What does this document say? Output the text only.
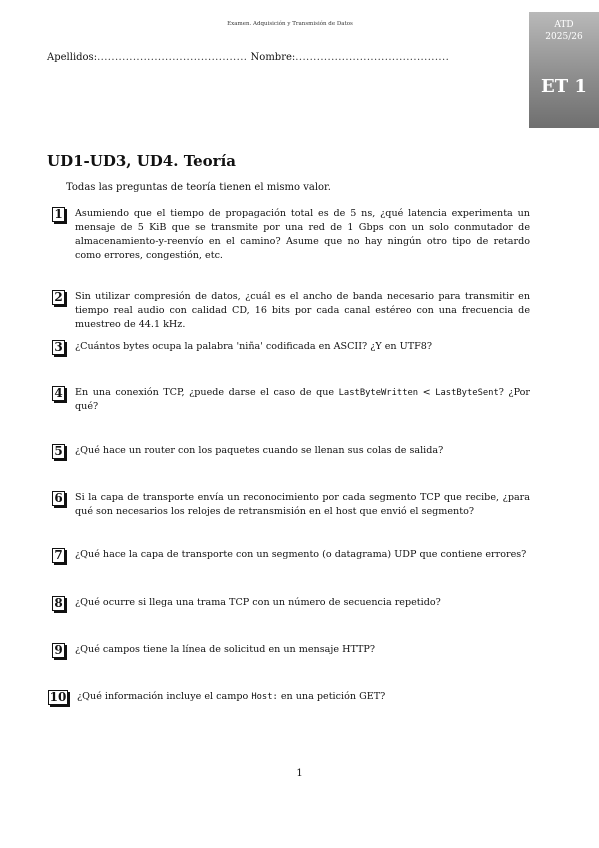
Examen. Adquisición y Transmisión de Datos	ATD
2025/26
ET 1
Apellidos: .......................................... Nombre: ...........................................
UD1-UD3, UD4. Teoría
Todas las preguntas de teoría tienen el mismo valor.
1 Asumiendo que el tiempo de propagación total es de 5 ns, ¿qué latencia experimenta un mensaje de 5 KiB que se transmite por una red de 1 Gbps con un solo conmutador de almacenamiento-y-reenvío en el camino? Asume que no hay ningún otro tipo de retardo como errores, congestión, etc.
2 Sin utilizar compresión de datos, ¿cuál es el ancho de banda necesario para transmitir en tiempo real audio con calidad CD, 16 bits por cada canal estéreo con una frecuencia de muestreo de 44.1 kHz.
3 ¿Cuántos bytes ocupa la palabra 'niña' codificada en ASCII? ¿Y en UTF8?
4 En una conexión TCP, ¿puede darse el caso de que LastByteWritten < LastByteSent? ¿Por qué?
5 ¿Qué hace un router con los paquetes cuando se llenan sus colas de salida?
6 Si la capa de transporte envía un reconocimiento por cada segmento TCP que recibe, ¿para qué son necesarios los relojes de retransmisión en el host que envió el segmento?
7 ¿Qué hace la capa de transporte con un segmento (o datagrama) UDP que contiene errores?
8 ¿Qué ocurre si llega una trama TCP con un número de secuencia repetido?
9 ¿Qué campos tiene la línea de solicitud en un mensaje HTTP?
10 ¿Qué información incluye el campo Host: en una petición GET?
1
